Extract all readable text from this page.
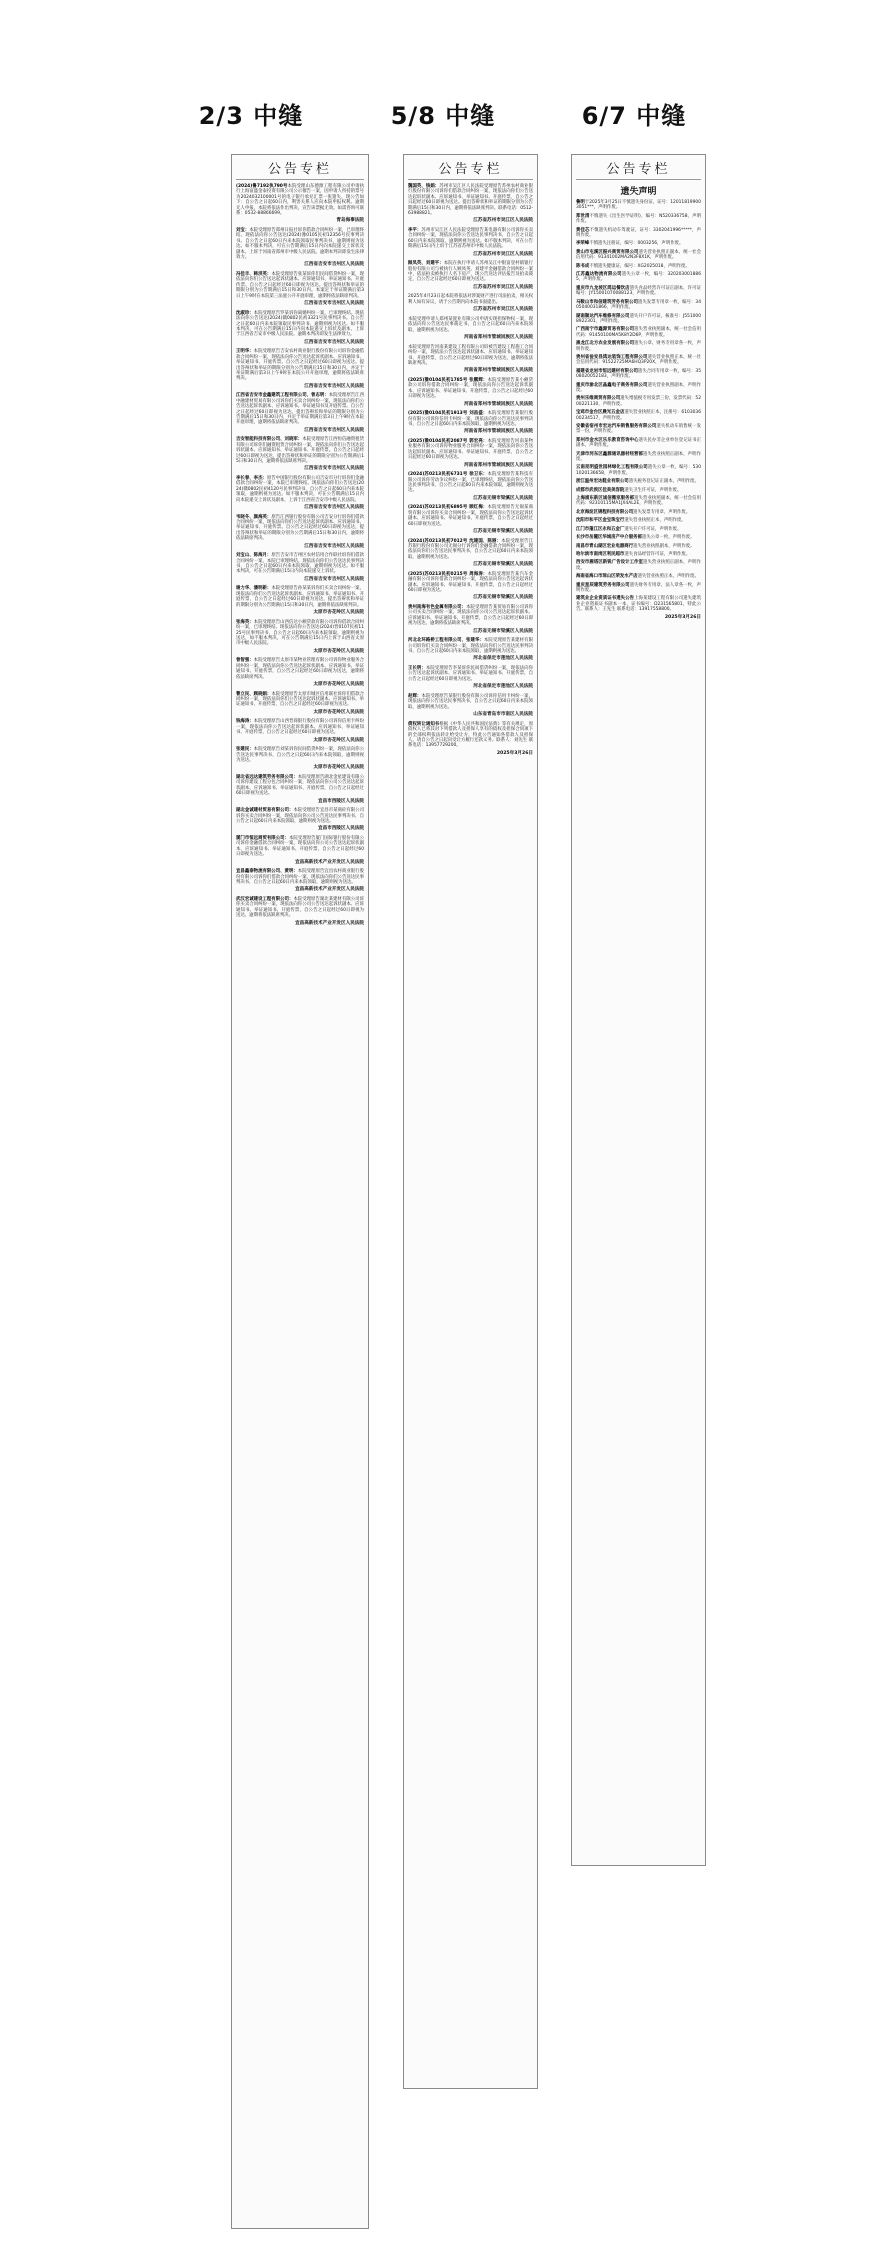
2/3 中缝	5/8 中缝	6/7 中缝
公告专栏

(2024)鲁7192执790号本院受理山东德源工程有限公司申请执行上海富盛金泰投资有限公司公示催告一案，因申请人所持的票号为2024032100001号的电子银行承兑汇票一张遗失，现公告如下：自公告之日起60日内，利害关系人应向本院申报权利。逾期无人申报，本院将依法作出判决，宣告该票据无效。如需咨询可联系：0532-88866699。

青岛海事法院

刘宝：本院受理原告郑州日报社诉你借款合同纠纷一案，已审理终结。现依法向你公告送达(2024)豫0105民初12356号民事判决书。自公告之日起60日内来本院领取民事判决书，逾期则视为送达。如不服本判决，可在公告期满后15日内向本院递交上诉状及副本，上诉于河南省郑州市中级人民法院。逾期本判决即发生法律效力。

江西省吉安市吉州区人民法院

冯佳丰、韩洪英：本院受理原告张某诉你们民间借贷纠纷一案，现依法向你们公告送达起诉状副本、应诉通知书、举证通知书、开庭传票。自公告之日起经过60日即视为送达。提出答辩状和举证的期限分别为公告期满后15日和30日内。本案定于举证期满后第3日上午9时在本院第三法庭公开开庭审理，逾期将依法缺席判决。

江西省吉安市吉州区人民法院

沈淑珍：本院受理原告罗某诉你离婚纠纷一案，已审理终结。现依法向你公告送达(2024)赣0802民初3321号民事判决书。自公告之日起60日内来本院领取民事判决书，逾期则视为送达。如不服本判决，可在公告期满后15日内向本院递交上诉状及副本，上诉于江西省吉安市中级人民法院。逾期本判决即发生法律效力。

江西省吉安市吉州区人民法院

王明华：本院受理原告吉安农村商业银行股份有限公司诉你金融借款合同纠纷一案，现依法向你公告送达起诉状副本、应诉通知书、举证通知书、开庭传票。自公告之日起经过60日即视为送达。提出答辩状和举证的期限分别为公告期满后15日和30日内，并定于举证期满后第3日上午9时在本院公开开庭审理，逾期将依法缺席判决。

江西省吉安市吉州区人民法院

江西省吉安市金鑫建筑工程有限公司、曾志明：本院受理原告江西中融建材贸易有限公司诉你们买卖合同纠纷一案，现依法向你们公告送达起诉状副本、应诉通知书、举证通知书及开庭传票。自公告之日起经过60日即视为送达。提出答辩状和举证的期限分别为公告期满后15日和30日内，并定于举证期满后第3日上午9时在本院开庭审理，逾期将依法缺席判决。

江西省吉安市吉州区人民法院

吉安智能科技有限公司、刘晓军：本院受理原告江西恒信融资租赁有限公司诉你们融资租赁合同纠纷一案，现依法向你们公告送达起诉状副本、应诉通知书、举证通知书、开庭传票。自公告之日起经过60日即视为送达，提出答辩状和举证的期限分别为公告期满后15日和30日内，逾期将依法缺席判决。

江西省吉安市吉州区人民法院

李长春、李杰：原告中国银行股份有限公司吉安市分行诉你们金融借款合同纠纷一案，本院已审理终结。现依法向你们公告送达(2024)赣0802民初4120号民事判决书，自公告之日起60日内来本院领取，逾期则视为送达。如不服本判决，可在公告期满后15日内向本院递交上诉状及副本，上诉于江西省吉安市中级人民法院。

江西省吉安市吉州区人民法院

韦晓冬、颜海英：原告江西银行股份有限公司吉安分行诉你们借款合同纠纷一案，现依法向你们公告送达起诉状副本、应诉通知书、举证通知书、开庭传票。自公告之日起经过60日即视为送达，提出答辩状和举证的期限分别为公告期满后15日和30日内，逾期将依法缺席判决。

江西省吉安市吉州区人民法院

刘宝山、陈海月：原告吉安市吉州区农村信用合作联社诉你们借款合同纠纷一案，本院已审理终结。现依法向你们公告送达民事判决书，自公告之日起60日内来本院领取，逾期则视为送达。如不服本判决，可在公告期满后15日内向本院递交上诉状。

江西省吉安市吉州区人民法院

谢力华、潘明新：本院受理原告孙某某诉你们买卖合同纠纷一案，现依法向你们公告送达起诉状副本、应诉通知书、举证通知书、开庭传票，自公告之日起经过60日即视为送达，提出答辩状和举证的期限分别为公告期满后15日和30日内，逾期将依法缺席判决。

太原市杏花岭区人民法院

张海英：本院受理原告山西信达小额贷款有限公司诉你借款合同纠纷一案，已审理终结。现依法向你公告送达(2024)晋0107民初1125号民事判决书，自公告之日起60日内来本院领取，逾期则视为送达，如不服本判决，可在公告期满后15日内上诉于山西省太原市中级人民法院。

太原市杏花岭区人民法院

曾智强：本院受理原告太原市某物业管理有限公司诉你物业服务合同纠纷一案，现依法向你公告送达起诉状副本、应诉通知书、举证通知书、开庭传票，自公告之日起经过60日即视为送达，逾期将依法缺席判决。

太原市杏花岭区人民法院

曹立民、顾晓娟：本院受理原告太原市城区信用联社诉你们借款合同纠纷一案，现依法向你们公告送达起诉状副本、应诉通知书、举证通知书、开庭传票，自公告之日起经过60日即视为送达。

太原市杏花岭区人民法院

钱海涛：本院受理原告山西晋商银行股份有限公司诉你信用卡纠纷一案，现依法向你公告送达起诉状副本、应诉通知书、举证通知书、开庭传票，自公告之日起经过60日即视为送达。

太原市杏花岭区人民法院

张建民：本院受理原告刘某诉你民间借贷纠纷一案，现依法向你公告送达民事判决书，自公告之日起60日内来本院领取，逾期则视为送达。

太原市杏花岭区人民法院

湖北省远达建筑劳务有限公司：本院受理原告湖北金星建设有限公司诉你建设工程分包合同纠纷一案，现依法向你公司公告送达起诉状副本、应诉通知书、举证通知书、开庭传票，自公告之日起经过60日即视为送达。

宜昌市西陵区人民法院

湖北金诚建材贸易有限公司：本院受理原告宜昌市某商砼有限公司诉你买卖合同纠纷一案，现依法向你公司公告送达民事判决书，自公告之日起60日内来本院领取，逾期则视为送达。

宜昌市西陵区人民法院

厦门市恒远商贸有限公司：本院受理原告厦门国际银行股份有限公司诉你金融借款合同纠纷一案，现依法向你公司公告送达起诉状副本、应诉通知书、举证通知书、开庭传票，自公告之日起经过60日即视为送达。

宜昌高新技术产业开发区人民法院

宜昌鑫泰物流有限公司、黄明：本院受理原告宜昌农村商业银行股份有限公司诉你们借款合同纠纷一案，现依法向你们公告送达民事判决书，自公告之日起60日内来本院领取，逾期则视为送达。

宜昌高新技术产业开发区人民法院

武汉宏诚建设工程有限公司：本院受理原告湖北某建材有限公司诉你买卖合同纠纷一案，现依法向你公司公告送达起诉状副本、应诉通知书、举证通知书、开庭传票，自公告之日起经过60日即视为送达，逾期将依法缺席判决。

宜昌高新技术产业开发区人民法院
公告专栏

魏国英、钱娟：苏州市吴江区人民法院受理原告苏州农村商业银行股份有限公司诉你们借款合同纠纷一案，现依法向你们公告送达起诉状副本、应诉通知书、举证通知书、开庭传票，自公告之日起经过60日即视为送达。提出答辩状和举证的期限分别为公告期满后15日和30日内，逾期将依法缺席判决。联系电话：0512-63988821。

江苏省苏州市吴江区人民法院

李平：苏州市吴江区人民法院受理原告某电器有限公司诉你买卖合同纠纷一案，现依法向你公告送达民事判决书，自公告之日起60日内来本院领取，逾期则视为送达。如不服本判决，可在公告期满后15日内上诉于江苏省苏州市中级人民法院。

江苏省苏州市吴江区人民法院

顾凤英、刘建平：本院在执行申请人苏州吴江中银富登村镇银行股份有限公司与被执行人顾凤英、刘建平金融借款合同纠纷一案中，依法拍卖被执行人名下房产，现公告送达评估报告及拍卖裁定，自公告之日起经过60日即视为送达。

江苏省苏州市吴江区人民法院

2025年4月23日起本院将依法对涉案财产进行司法拍卖，相关权利人如有异议，请于公告期内向本院书面提出。

江苏省苏州市吴江区人民法院

本院受理申请人郑州某置业有限公司申请实现担保物权一案，现依法向你公告送达民事裁定书，自公告之日起60日内来本院领取，逾期则视为送达。

河南省郑州市管城回族区人民法院

本院受理原告河南某建设工程有限公司诉被告建设工程施工合同纠纷一案，现依法公告送达起诉状副本、应诉通知书、举证通知书、开庭传票，自公告之日起经过60日即视为送达，逾期将依法缺席判决。

河南省郑州市管城回族区人民法院

(2025)豫0104民初1785号 张鹏辉：本院受理原告某小额贷款公司诉你借款合同纠纷一案，现依法向你公告送达起诉状副本、应诉通知书、举证通知书、开庭传票，自公告之日起经过60日即视为送达。

河南省郑州市管城回族区人民法院

(2025)豫0104民初1913号 刘昌盛：本院受理原告某银行股份有限公司诉你信用卡纠纷一案，现依法向你公告送达民事判决书，自公告之日起60日内来本院领取，逾期则视为送达。

河南省郑州市管城回族区人民法院

(2025)豫0104民初2087号 郭宏亮：本院受理原告河南某物业服务有限公司诉你物业服务合同纠纷一案，现依法向你公告送达起诉状副本、应诉通知书、举证通知书、开庭传票，自公告之日起经过60日即视为送达。

河南省郑州市管城回族区人民法院

(2024)苏0213民初6731号 徐卫东：本院受理原告某科技有限公司诉你劳动争议纠纷一案，已审理终结，现依法向你公告送达民事判决书，自公告之日起60日内来本院领取，逾期则视为送达。

江苏省无锡市梁溪区人民法院

(2024)苏0213民初6895号 顾红梅：本院受理原告无锡某商贸有限公司诉你买卖合同纠纷一案，现依法向你公告送达起诉状副本、应诉通知书、举证通知书、开庭传票，自公告之日起经过60日即视为送达。

江苏省无锡市梁溪区人民法院

(2024)苏0213民初7012号 沈建国、陈丽：本院受理原告江苏银行股份有限公司无锡分行诉你们金融借款合同纠纷一案，现依法向你们公告送达民事判决书，自公告之日起60日内来本院领取，逾期则视为送达。

江苏省无锡市梁溪区人民法院

(2025)苏0213民初0215号 周海涛：本院受理原告某汽车金融有限公司诉你借款合同纠纷一案，现依法向你公告送达起诉状副本、应诉通知书、举证通知书、开庭传票，自公告之日起经过60日即视为送达。

江苏省无锡市梁溪区人民法院

贵州南海有色金属有限公司：本院受理原告某贸易有限公司诉你公司买卖合同纠纷一案，现依法向你公司公告送达起诉状副本、应诉通知书、举证通知书、开庭传票，自公告之日起经过60日即视为送达，逾期将依法缺席判决。

江苏省无锡市梁溪区人民法院

河北北环路桥工程有限公司、张建华：本院受理原告某建材有限公司诉你们买卖合同纠纷一案，现依法向你们公告送达民事判决书，自公告之日起60日内来本院领取，逾期则视为送达。

河北省保定市莲池区人民法院

王长明：本院受理原告李某诉你民间借贷纠纷一案，现依法向你公告送达起诉状副本、应诉通知书、举证通知书、开庭传票，自公告之日起经过60日即视为送达。

河北省保定市莲池区人民法院

赵辉：本院受理原告某银行股份有限公司诉你信用卡纠纷一案，现依法向你公告送达民事判决书，自公告之日起60日内来本院领取，逾期则视为送达。

山东省青岛市市南区人民法院

债权转让通知书根据《中华人民共和国民法典》等有关规定，原债权人已将其对下列借款人及担保人享有的债权及担保合同项下的全部权利依法转让给受让方，特此公告通知各借款人及担保人，请自公告之日起向受让方履行还款义务。联系人：刘先生 联系电话：13957729200。

2025年3月26日
公告专栏
遗失声明

鲁明于2025年3月25日不慎遗失身份证，证号：120118199003051***，声明作废。

郑世清不慎遗失《出生医学证明》，编号：N520336758，声明作废。

黄佳芯不慎遗失机动车驾驶证，证号：3302041996*****，声明作废。

李荣峰不慎遗失注册证，编号：0003256，声明作废。

黄山市屯溪区振兴商贸有限公司遗失营业执照正副本，统一社会信用代码：91341002MA2N3F8X1K，声明作废。

陈书成不慎遗失健康证，编号：XG2025018，声明作废。

江苏鑫达物流有限公司遗失公章一枚，编号：3202030018865，声明作废。

重庆市九龙坡区鸿运餐饮店遗失食品经营许可证正副本，许可证编号：JY15001070088123，声明作废。

马鞍山市和信建筑劳务有限公司遗失发票专用章一枚，编号：3405040031866，声明作废。

湖南顺达汽车维修有限公司遗失开户许可证，核准号：J5510008922301，声明作废。

广西南宁市鑫源贸易有限公司遗失营业执照副本，统一社会信用代码：91450100MA5K8Y2D6P，声明作废。

黑龙江北方农业发展有限公司遗失公章、财务专用章各一枚，声明作废。

贵州省瓮安县鸿达装饰工程有限公司遗失营业执照正本，统一社会信用代码：91522725MA6HQ3P20X，声明作废。

福建省龙岩市恒远建材有限公司遗失合同专用章一枚，编号：3508020052183，声明作废。

重庆市渝北区晶鑫电子商务有限公司遗失营业执照副本，声明作废。

贵州乐维商贸有限公司遗失增值税专用发票三份，发票代码：5200221130，声明作废。

宝鸡市金台区晨光五金店遗失营业执照正本，注册号：610303600234517，声明作废。

安徽省宿州市宏达汽车销售服务有限公司遗失机动车销售统一发票一份，声明作废。

郑州市金水区乐乐教育咨询中心遗失民办非企业单位登记证书正副本，声明作废。

天津市河东区鑫源通讯器材经营部遗失营业执照正副本，声明作废。

云南昆明盛世园林绿化工程有限公司遗失公章一枚，编号：5301020136658，声明作废。

浙江温州宏达鞋业有限公司遗失税务登记证正副本，声明作废。

成都市武侯区佳美美容院遗失卫生许可证，声明作废。

上海浦东新区诚信搬家服务部遗失营业执照副本，统一社会信用代码：92310115MA1JX4AL2E，声明作废。

北京海淀区锦程科技有限公司遗失发票专用章，声明作废。

沈阳市和平区金宝珠宝行遗失营业执照正本，声明作废。

江门市蓬江区永和五金厂遗失开户许可证，声明作废。

长沙市岳麓区华城房产中介服务部遗失公章一枚，声明作废。

南昌市青山湖区宏业电器商行遗失营业执照副本，声明作废。

哈尔滨市南岗区利民超市遗失食品经营许可证，声明作废。

西安市雁塔区新锐广告设计工作室遗失营业执照正副本，声明作废。

海南省海口市琼山区荣发水产店遗失营业执照正本，声明作废。

重庆星辰建筑劳务有限公司遗失财务专用章、法人章各一枚，声明作废。

建筑业企业资质证书遗失公告上海某建设工程有限公司遗失建筑业企业资质证书副本一本，证书编号：D231565801，特此公告。联系人：王先生 联系电话：13917558800。

2025年3月26日
